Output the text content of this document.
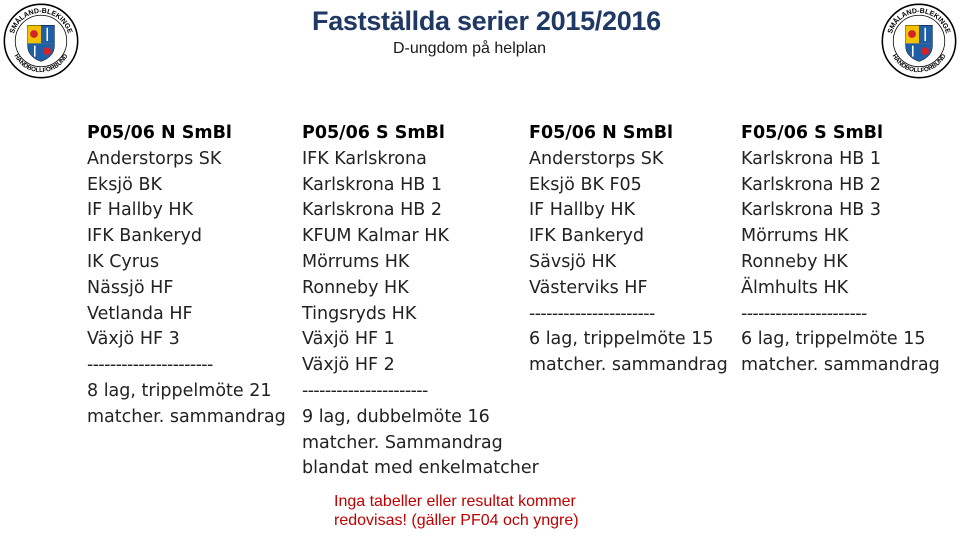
SMÅLAND-BLEKINGE
HANDBOLLFÖRBUND
SMÅLAND-BLEKINGE
HANDBOLLFÖRBUND
Fastställda serier 2015/2016
D-ungdom på helplan
P05/06 N SmBl
Anderstorps SK
Eksjö BK
IF Hallby HK
IFK Bankeryd
IK Cyrus
Nässjö HF
Vetlanda HF
Växjö HF 3
----------------------
8 lag, trippelmöte 21
matcher. sammandrag
P05/06 S SmBl
IFK Karlskrona
Karlskrona HB 1
Karlskrona HB 2
KFUM Kalmar HK
Mörrums HK
Ronneby HK
Tingsryds HK
Växjö HF 1
Växjö HF 2
----------------------
9 lag, dubbelmöte 16
matcher. Sammandrag
blandat med enkelmatcher
F05/06 N SmBl
Anderstorps SK
Eksjö BK F05
IF Hallby HK
IFK Bankeryd
Sävsjö HK
Västerviks HF
----------------------
6 lag, trippelmöte 15
matcher. sammandrag
F05/06 S SmBl
Karlskrona HB 1
Karlskrona HB 2
Karlskrona HB 3
Mörrums HK
Ronneby HK
Älmhults HK
----------------------
6 lag, trippelmöte 15
matcher. sammandrag
Inga tabeller eller resultat kommer
redovisas! (gäller PF04 och yngre)
